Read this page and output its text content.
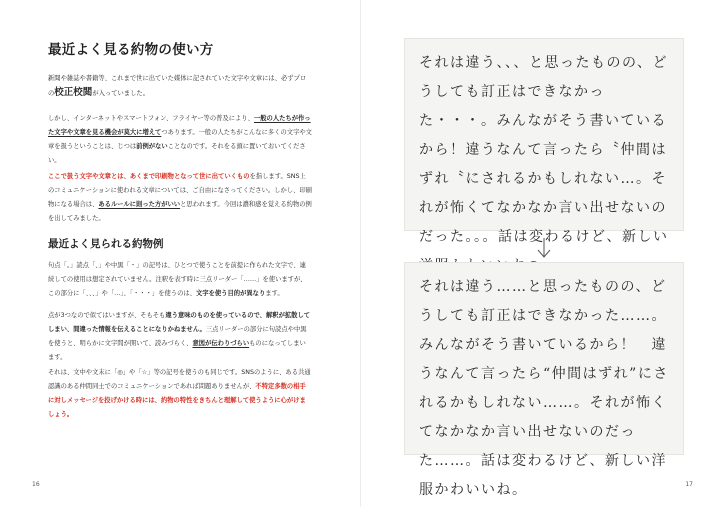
最近よく見る約物の使い方
新聞や雑誌や書籍等、これまで世に出ていた媒体に記されていた文字や文章には、必ずプロの校正校閲が入っていました。
しかし、インターネットやスマートフォン、フライヤー等の普及により、一般の人たちが作った文字や文章を見る機会が莫大に増えてつあります。一般の人たちがこんなに多くの文字や文章を扱うということは、じつは前例がないことなのです。それをる頭に置いておいてください。
ここで扱う文字や文章とは、あくまで印刷物となって世に出ていくものを指します。SNS上のコミュニケーションに使われる文章については、ご自由になさってください。しかし、印刷物になる場合は、あるルールに則った方がいいと思われます。今回は濃和感を覚える約物の例を出してみました。
最近よく見られる約物例
句点「。」読点「、」や中黒「・」の記号は、ひとつで使うことを前提に作られた文字で、連続しての使用は想定されていません。注釈を表す時に三点リーダー「……」を使いますが、この部分に「、、、」や「…」、「・・・」を使うのは、文字を使う目的が異なります。
点が3つなので似てはいますが、そもそも違う意味のものを使っているので、解釈が拡散してしまい、間違った情報を伝えることになりかねません。三点リーダーの部分に句読点や中黒を使うと、明らかに文字間が開いて、読みづらく、意図が伝わりづらいものになってしまいます。
それは、文中や文末に「◎」や「☆」等の記号を使うのも同じです。SNSのように、ある共通認識のある仲間同士でのコミュニケーションであれば問題ありませんが、不特定多数の相手に対しメッセージを投げかける時には、約物の特性をきちんと理解して使うように心がけましょう。
16	17
それは違う、、、と思ったものの、どうしても訂正はできなかった・・・。みんながそう書いているから！違うなんて言ったら〝仲間はずれ〝にされるかもしれない…。それが怖くてなかなか言い出せないのだった。。。話は変わるけど、新しい
それは違う……と思ったものの、どうしても訂正はできなかった……。みんながそう書いているから！　違うなんて言ったら“仲間はずれ”にされるかもしれない……。それが怖くてなかなか言い出せないのだった……。話は変わるけど、新しい洋服かわいいね。
